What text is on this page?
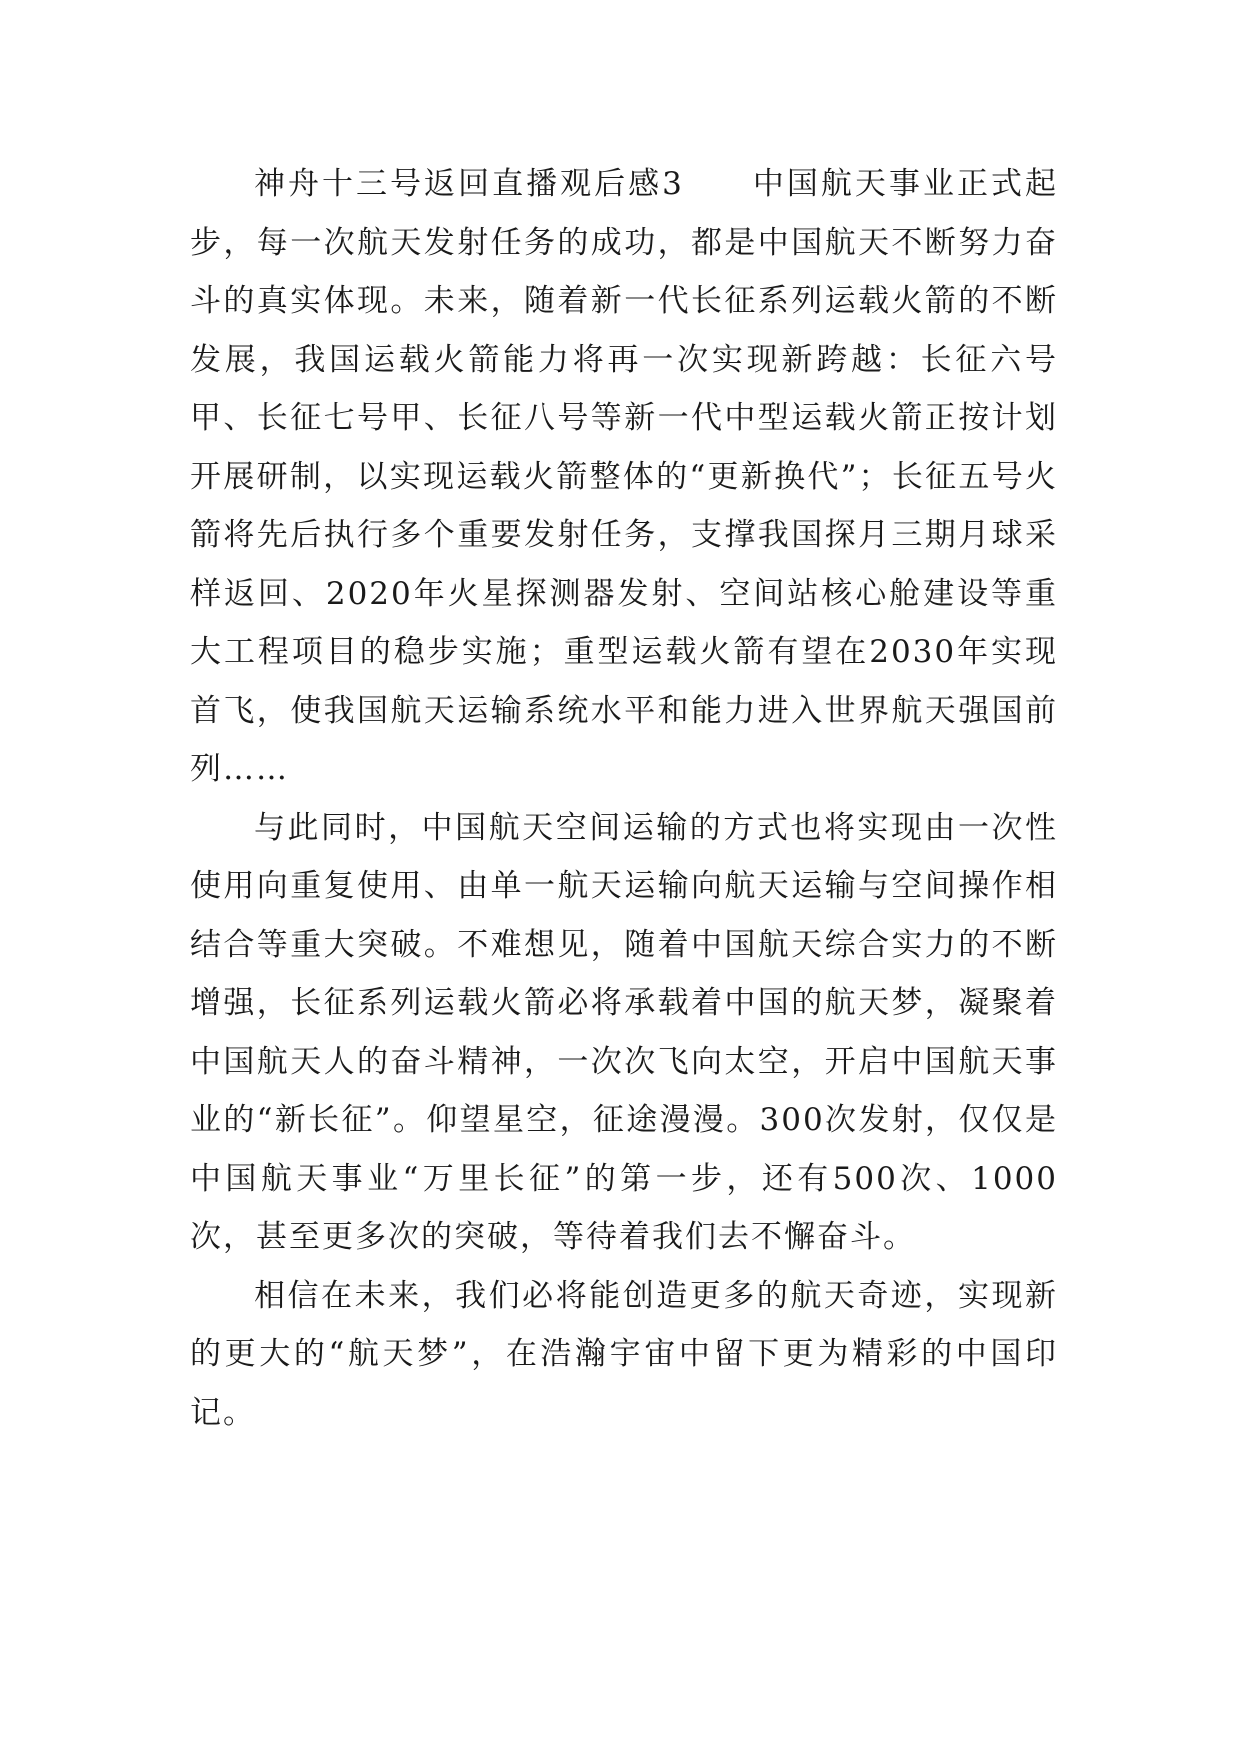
神舟十三号返回直播观后感3　　中国航天事业正式起步，每一次航天发射任务的成功，都是中国航天不断努力奋斗的真实体现。未来，随着新一代长征系列运载火箭的不断发展，我国运载火箭能力将再一次实现新跨越：长征六号甲、长征七号甲、长征八号等新一代中型运载火箭正按计划开展研制，以实现运载火箭整体的“更新换代”；长征五号火箭将先后执行多个重要发射任务，支撑我国探月三期月球采样返回、2020年火星探测器发射、空间站核心舱建设等重大工程项目的稳步实施；重型运载火箭有望在2030年实现首飞，使我国航天运输系统水平和能力进入世界航天强国前列……

与此同时，中国航天空间运输的方式也将实现由一次性使用向重复使用、由单一航天运输向航天运输与空间操作相结合等重大突破。不难想见，随着中国航天综合实力的不断增强，长征系列运载火箭必将承载着中国的航天梦，凝聚着中国航天人的奋斗精神，一次次飞向太空，开启中国航天事业的“新长征”。仰望星空，征途漫漫。300次发射，仅仅是中国航天事业“万里长征”的第一步，还有500次、1000次，甚至更多次的突破，等待着我们去不懈奋斗。

相信在未来，我们必将能创造更多的航天奇迹，实现新的更大的“航天梦”，在浩瀚宇宙中留下更为精彩的中国印记。
